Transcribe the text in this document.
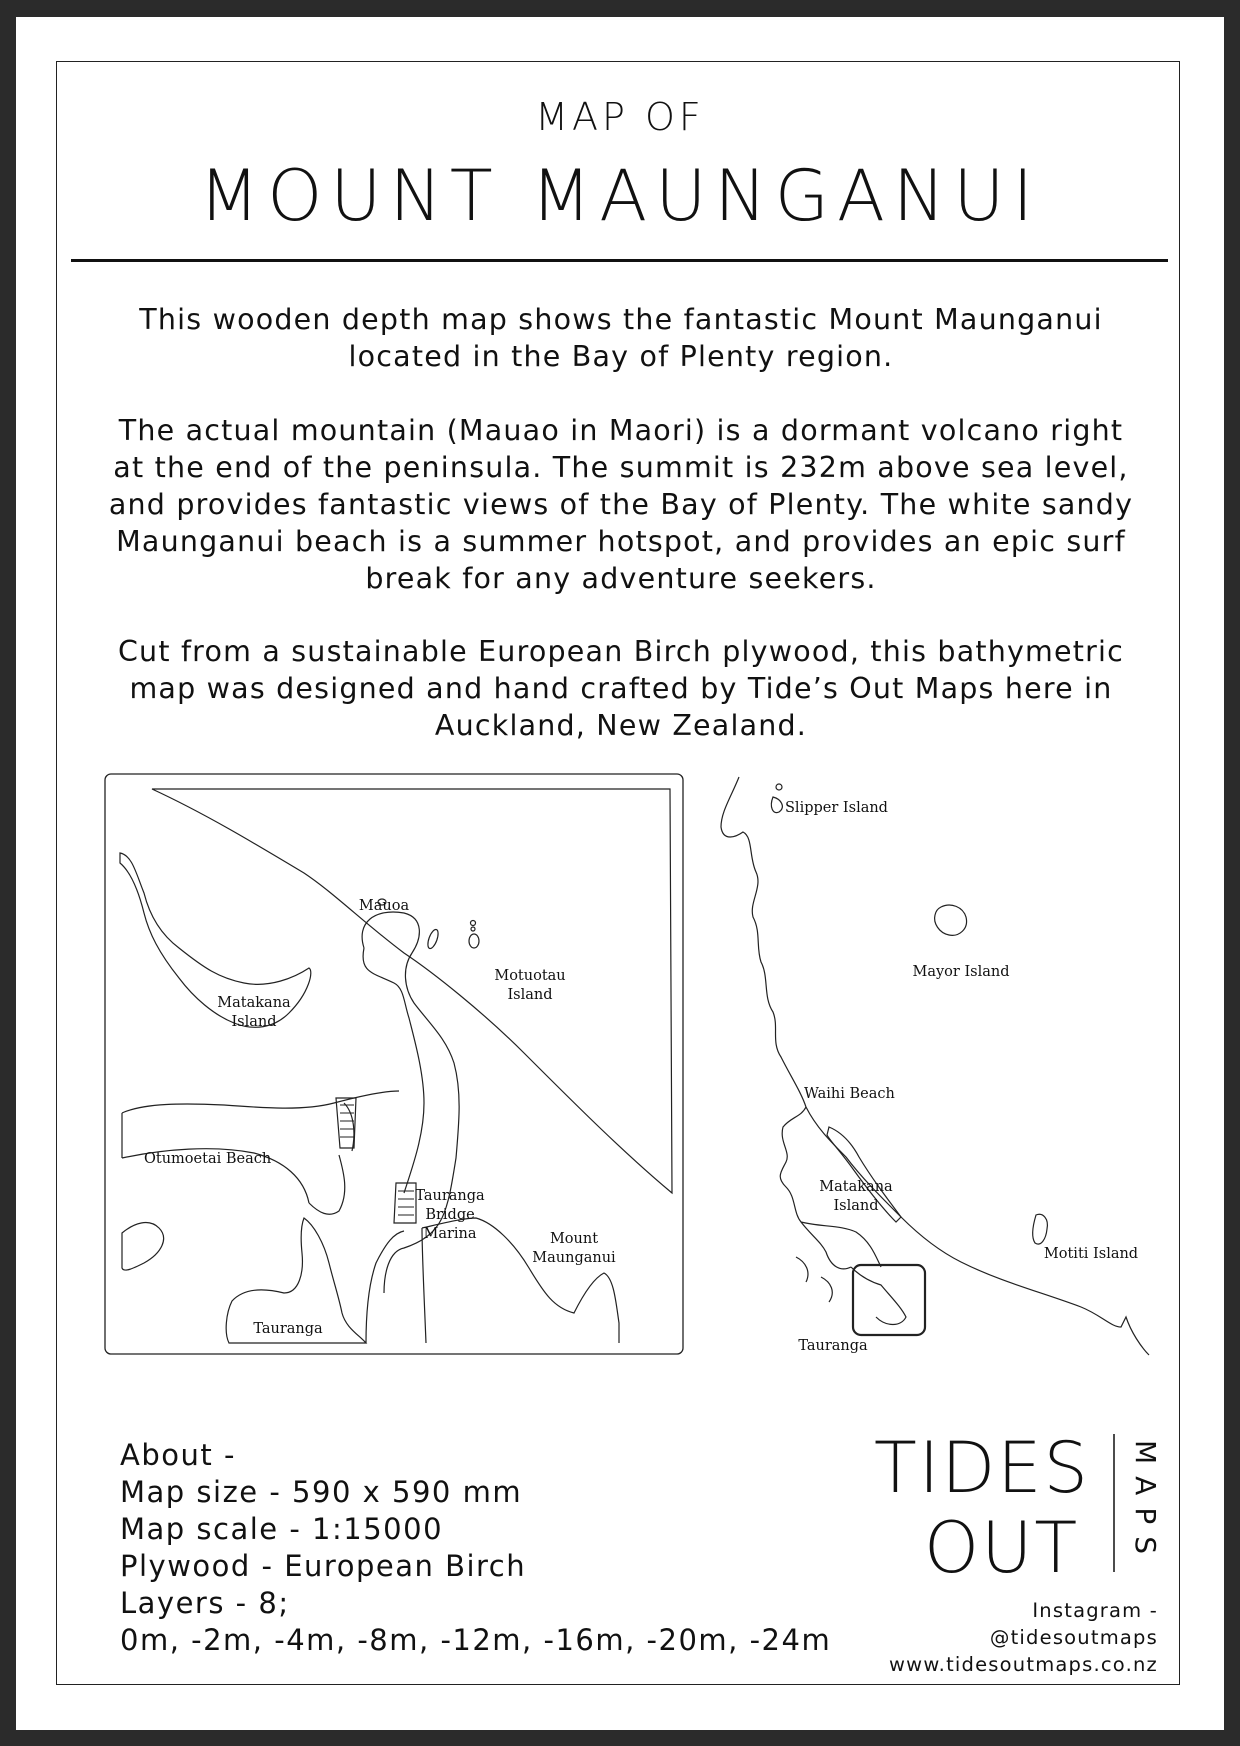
MAP OF
MOUNT MAUNGANUI
This wooden depth map shows the fantastic Mount Maunganui
located in the Bay of Plenty region.
The actual mountain (Mauao in Maori) is a dormant volcano right
at the end of the peninsula. The summit is 232m above sea level,
and provides fantastic views of the Bay of Plenty. The white sandy
Maunganui beach is a summer hotspot, and provides an epic surf
break for any adventure seekers.
Cut from a sustainable European Birch plywood, this bathymetric
map was designed and hand crafted by Tide’s Out Maps here in
Auckland, New Zealand.
Mauoa
Motuotau
Island
Matakana
Island
Otumoetai Beach
Tauranga
Bridge
Marina	Mount
Maunganui
Tauranga
Slipper Island
Mayor Island
Waihi Beach
Matakana
Island
Motiti Island
Tauranga
About -
Map size - 590 x 590 mm
Map scale - 1:15000
Plywood - European Birch
Layers - 8;
0m, -2m, -4m, -8m, -12m, -16m, -20m, -24m
TIDES
OUT MAPS
Instagram -
@tidesoutmaps
www.tidesoutmaps.co.nz
